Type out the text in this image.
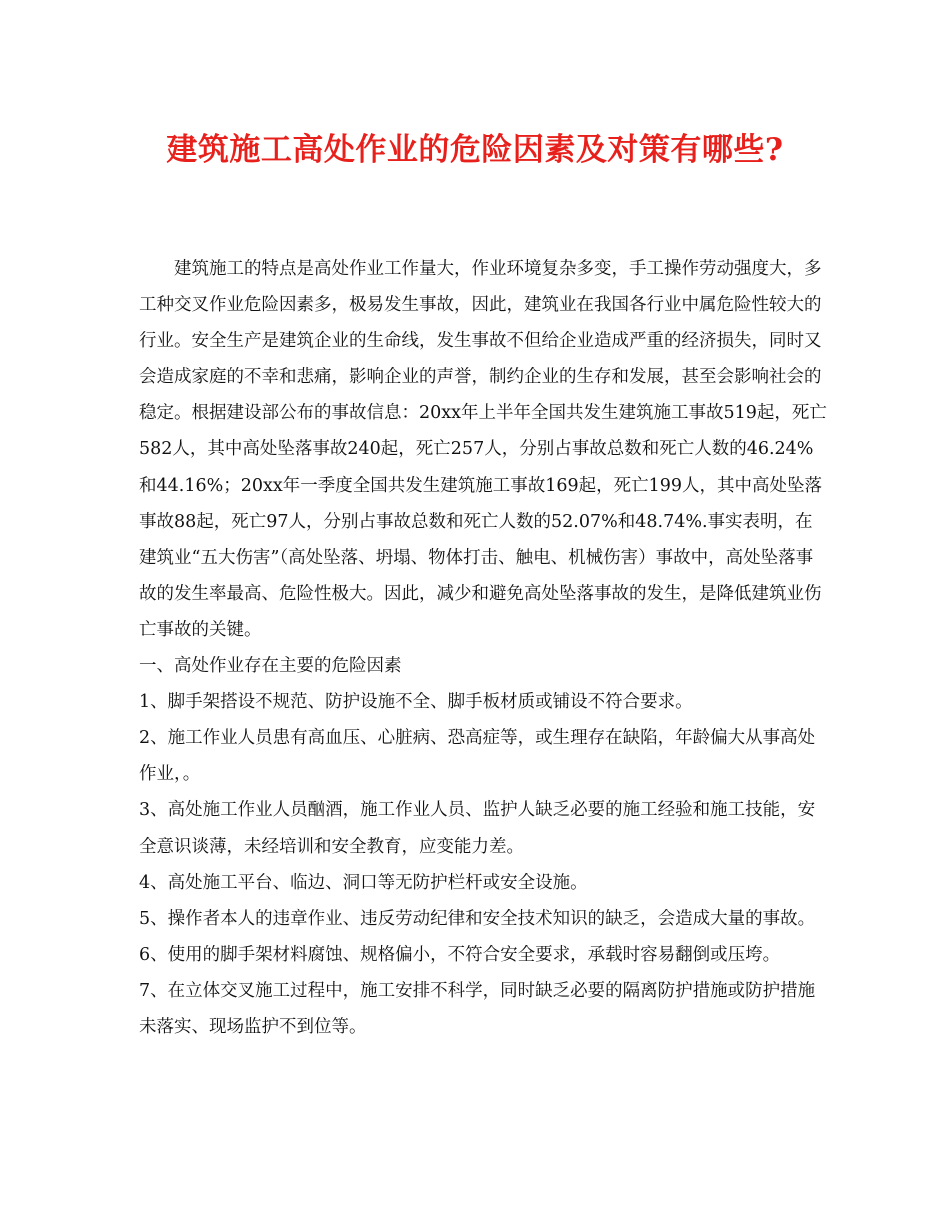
建筑施工高处作业的危险因素及对策有哪些?

建筑施工的特点是高处作业工作量大，作业环境复杂多变，手工操作劳动强度大，多工种交叉作业危险因素多，极易发生事故，因此，建筑业在我国各行业中属危险性较大的行业。安全生产是建筑企业的生命线，发生事故不但给企业造成严重的经济损失，同时又会造成家庭的不幸和悲痛，影响企业的声誉，制约企业的生存和发展，甚至会影响社会的稳定。根据建设部公布的事故信息：20xx年上半年全国共发生建筑施工事故519起，死亡582人，其中高处坠落事故240起，死亡257人，分别占事故总数和死亡人数的46.24%和44.16%；20xx年一季度全国共发生建筑施工事故169起，死亡199人，其中高处坠落事故88起，死亡97人，分别占事故总数和死亡人数的52.07%和48.74%.事实表明，在建筑业“五大伤害”（高处坠落、坍塌、物体打击、触电、机械伤害）事故中，高处坠落事故的发生率最高、危险性极大。因此，减少和避免高处坠落事故的发生，是降低建筑业伤亡事故的关键。

一、高处作业存在主要的危险因素

1、脚手架搭设不规范、防护设施不全、脚手板材质或铺设不符合要求。

2、施工作业人员患有高血压、心脏病、恐高症等，或生理存在缺陷，年龄偏大从事高处作业，。

3、高处施工作业人员酗酒，施工作业人员、监护人缺乏必要的施工经验和施工技能，安全意识谈薄，未经培训和安全教育，应变能力差。

4、高处施工平台、临边、洞口等无防护栏杆或安全设施。

5、操作者本人的违章作业、违反劳动纪律和安全技术知识的缺乏，会造成大量的事故。

6、使用的脚手架材料腐蚀、规格偏小，不符合安全要求，承载时容易翻倒或压垮。

7、在立体交叉施工过程中，施工安排不科学，同时缺乏必要的隔离防护措施或防护措施未落实、现场监护不到位等。
